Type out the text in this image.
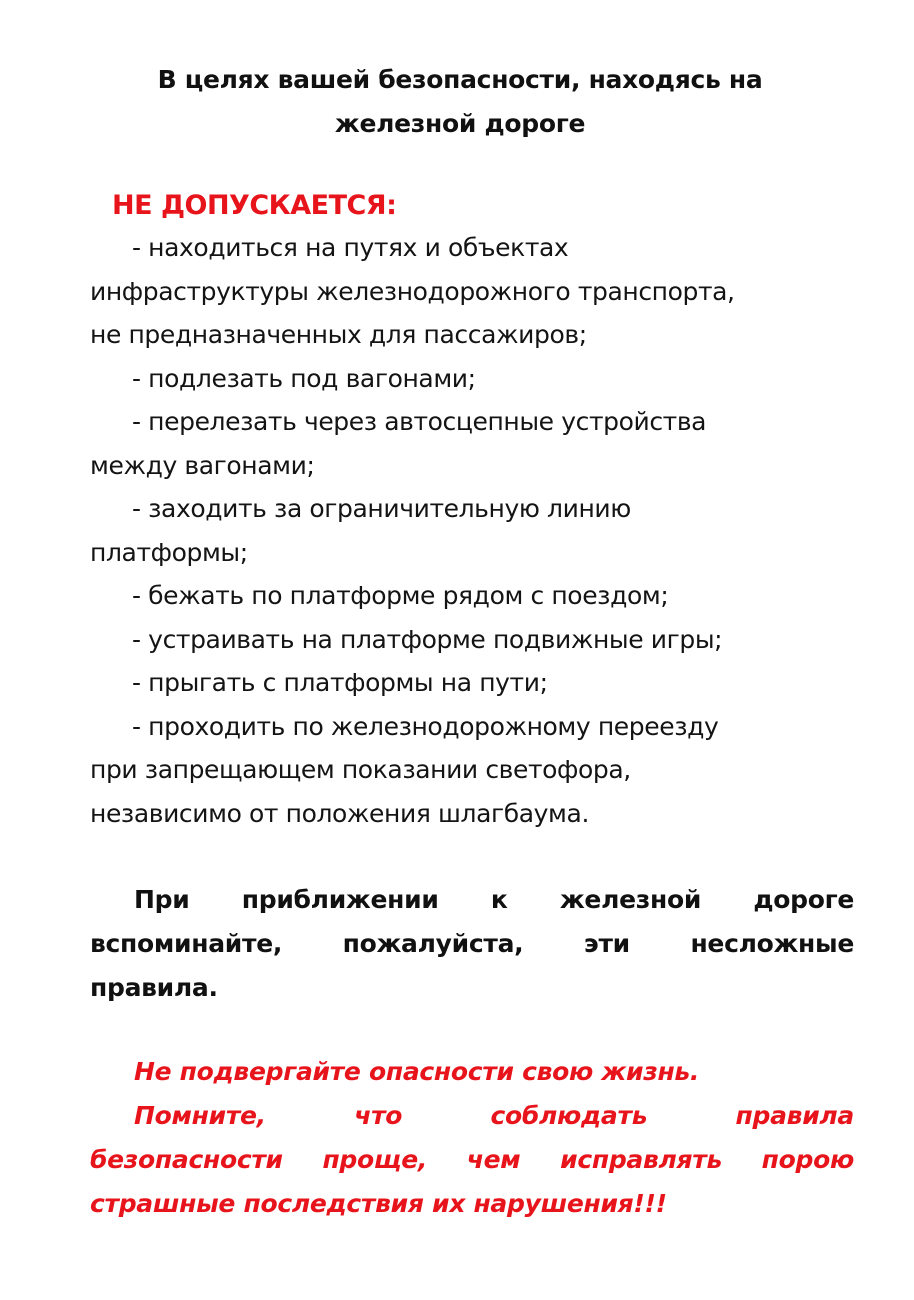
В целях вашей безопасности, находясь на
железной дороге
НЕ ДОПУСКАЕТСЯ:
- находиться на путях и объектах
инфраструктуры железнодорожного транспорта,
не предназначенных для пассажиров;
- подлезать под вагонами;
- перелезать через автосцепные устройства
между вагонами;
- заходить за ограничительную линию
платформы;
- бежать по платформе рядом с поездом;
- устраивать на платформе подвижные игры;
- прыгать с платформы на пути;
- проходить по железнодорожному переезду
при запрещающем показании светофора,
независимо от положения шлагбаума.
При приближении к железной дороге
вспоминайте, пожалуйста, эти несложные
правила.
Не подвергайте опасности свою жизнь.
Помните, что соблюдать правила
безопасности проще, чем исправлять порою
страшные последствия их нарушения!!!
